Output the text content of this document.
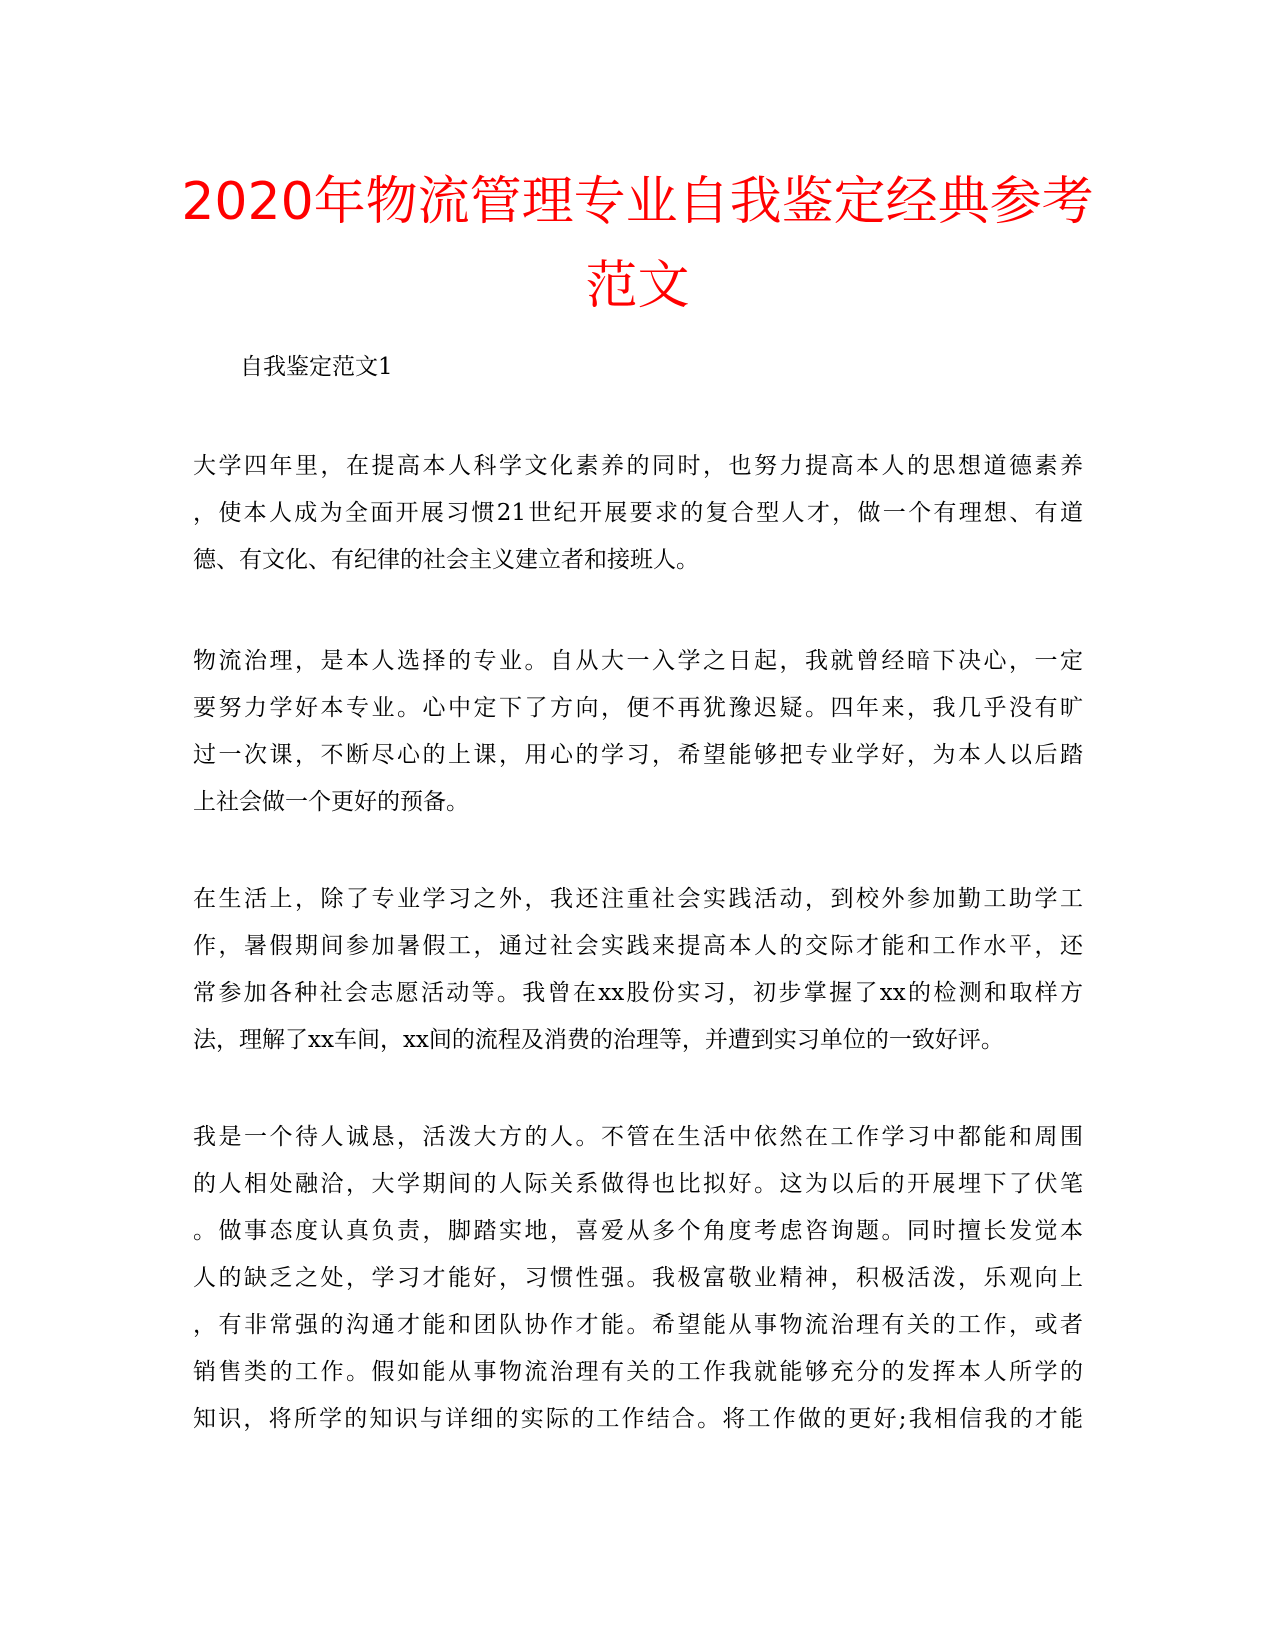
2020年物流管理专业自我鉴定经典参考范文

自我鉴定范文1

大学四年里，在提高本人科学文化素养的同时，也努力提高本人的思想道德素养
，使本人成为全面开展习惯21世纪开展要求的复合型人才，做一个有理想、有道
德、有文化、有纪律的社会主义建立者和接班人。

物流治理，是本人选择的专业。自从大一入学之日起，我就曾经暗下决心，一定
要努力学好本专业。心中定下了方向，便不再犹豫迟疑。四年来，我几乎没有旷
过一次课，不断尽心的上课，用心的学习，希望能够把专业学好，为本人以后踏
上社会做一个更好的预备。

在生活上，除了专业学习之外，我还注重社会实践活动，到校外参加勤工助学工
作，暑假期间参加暑假工，通过社会实践来提高本人的交际才能和工作水平，还
常参加各种社会志愿活动等。我曾在xx股份实习，初步掌握了xx的检测和取样方
法，理解了xx车间，xx间的流程及消费的治理等，并遭到实习单位的一致好评。

我是一个待人诚恳，活泼大方的人。不管在生活中依然在工作学习中都能和周围
的人相处融洽，大学期间的人际关系做得也比拟好。这为以后的开展埋下了伏笔
。做事态度认真负责，脚踏实地，喜爱从多个角度考虑咨询题。同时擅长发觉本
人的缺乏之处，学习才能好，习惯性强。我极富敬业精神，积极活泼，乐观向上
，有非常强的沟通才能和团队协作才能。希望能从事物流治理有关的工作，或者
销售类的工作。假如能从事物流治理有关的工作我就能够充分的发挥本人所学的
知识，将所学的知识与详细的实际的工作结合。将工作做的更好;我相信我的才能
